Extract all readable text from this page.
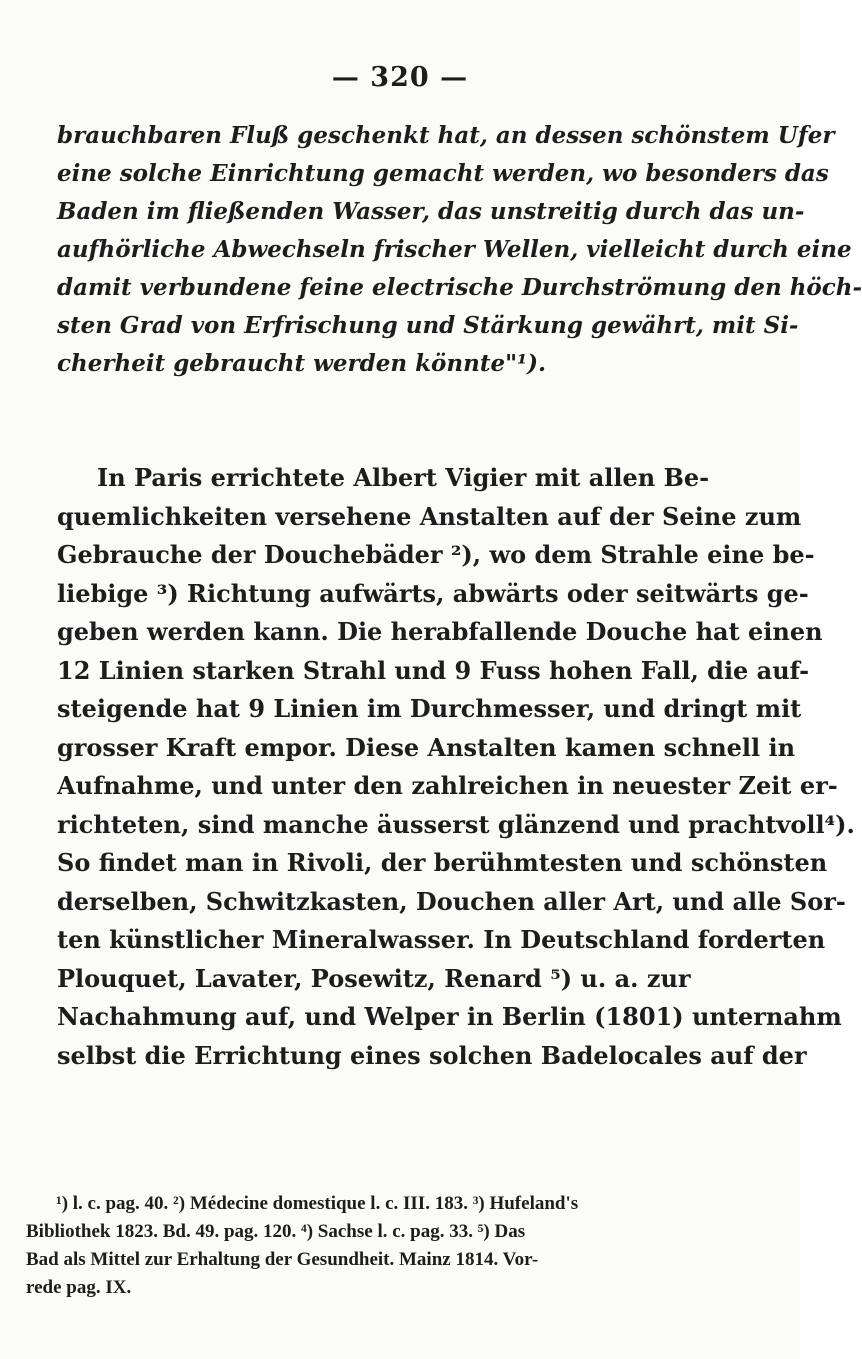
— 320 —
brauchbaren Fluß geschenkt hat, an dessen schönstem Ufer
eine solche Einrichtung gemacht werden, wo besonders das
Baden im fließenden Wasser, das unstreitig durch das un-
aufhörliche Abwechseln frischer Wellen, vielleicht durch eine
damit verbundene feine electrische Durchströmung den höch-
sten Grad von Erfrischung und Stärkung gewährt, mit Si-
cherheit gebraucht werden könnte"¹).
In Paris errichtete Albert Vigier mit allen Be-
quemlichkeiten versehene Anstalten auf der Seine zum
Gebrauche der Douchebäder ²), wo dem Strahle eine be-
liebige ³) Richtung aufwärts, abwärts oder seitwärts ge-
geben werden kann. Die herabfallende Douche hat einen
12 Linien starken Strahl und 9 Fuss hohen Fall, die auf-
steigende hat 9 Linien im Durchmesser, und dringt mit
grosser Kraft empor. Diese Anstalten kamen schnell in
Aufnahme, und unter den zahlreichen in neuester Zeit er-
richteten, sind manche äusserst glänzend und prachtvoll⁴).
So findet man in Rivoli, der berühmtesten und schönsten
derselben, Schwitzkasten, Douchen aller Art, und alle Sor-
ten künstlicher Mineralwasser. In Deutschland forderten
Plouquet, Lavater, Posewitz, Renard ⁵) u. a. zur
Nachahmung auf, und Welper in Berlin (1801) unternahm
selbst die Errichtung eines solchen Badelocales auf der
¹) l. c. pag. 40. ²) Médecine domestique l. c. III. 183. ³) Hufeland's
Bibliothek 1823. Bd. 49. pag. 120. ⁴) Sachse l. c. pag. 33. ⁵) Das
Bad als Mittel zur Erhaltung der Gesundheit. Mainz 1814. Vor-
rede pag. IX.
